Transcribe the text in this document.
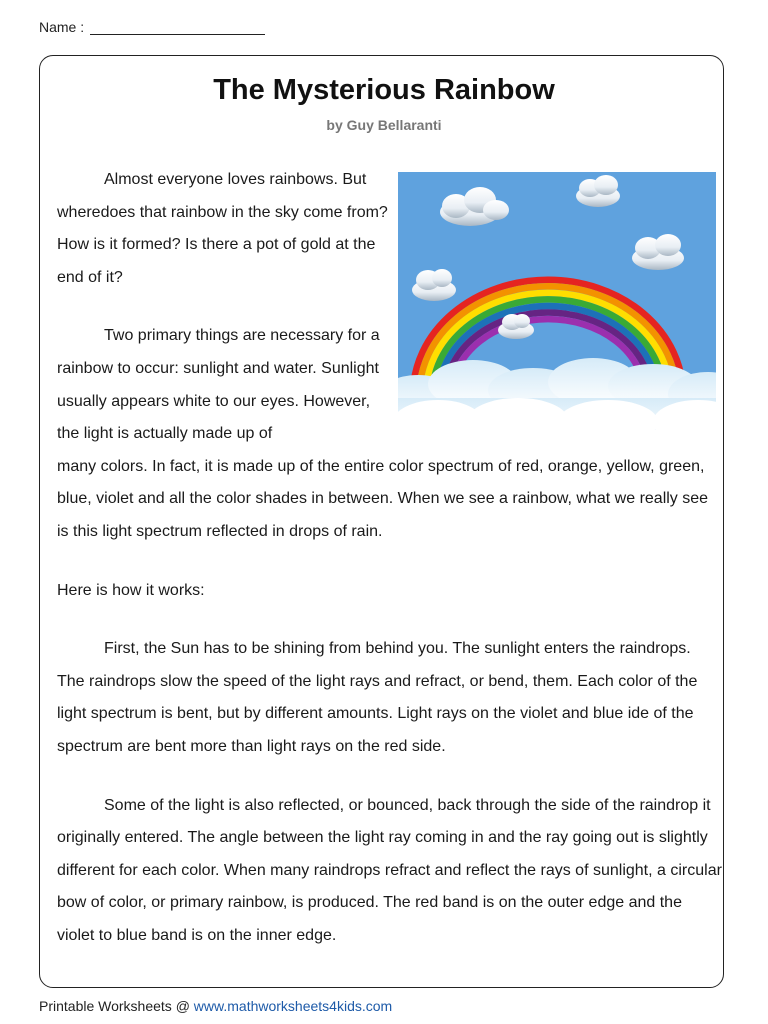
Name :
The Mysterious Rainbow
by Guy Bellaranti

Almost everyone loves rainbows. But wheredoes that rainbow in the sky come from? How is it formed? Is there a pot of gold at the end of it?

Two primary things are necessary for a rainbow to occur: sunlight and water. Sunlight usually appears white to our eyes. However, the light is actually made up of

many colors. In fact, it is made up of the entire color spectrum of red, orange, yellow, green, blue, violet and all the color shades in between. When we see a rainbow, what we really see is this light spectrum reflected in drops of rain.

Here is how it works:

First, the Sun has to be shining from behind you. The sunlight enters the raindrops. The raindrops slow the speed of the light rays and refract, or bend, them. Each color of the light spectrum is bent, but by different amounts. Light rays on the violet and blue ide of the spectrum are bent more than light rays on the red side.

Some of the light is also reflected, or bounced, back through the side of the raindrop it originally entered. The angle between the light ray coming in and the ray going out is slightly different for each color. When many raindrops refract and reflect the rays of sunlight, a circular bow of color, or primary rainbow, is produced. The red band is on the outer edge and the violet to blue band is on the inner edge.

Printable Worksheets @ www.mathworksheets4kids.com
